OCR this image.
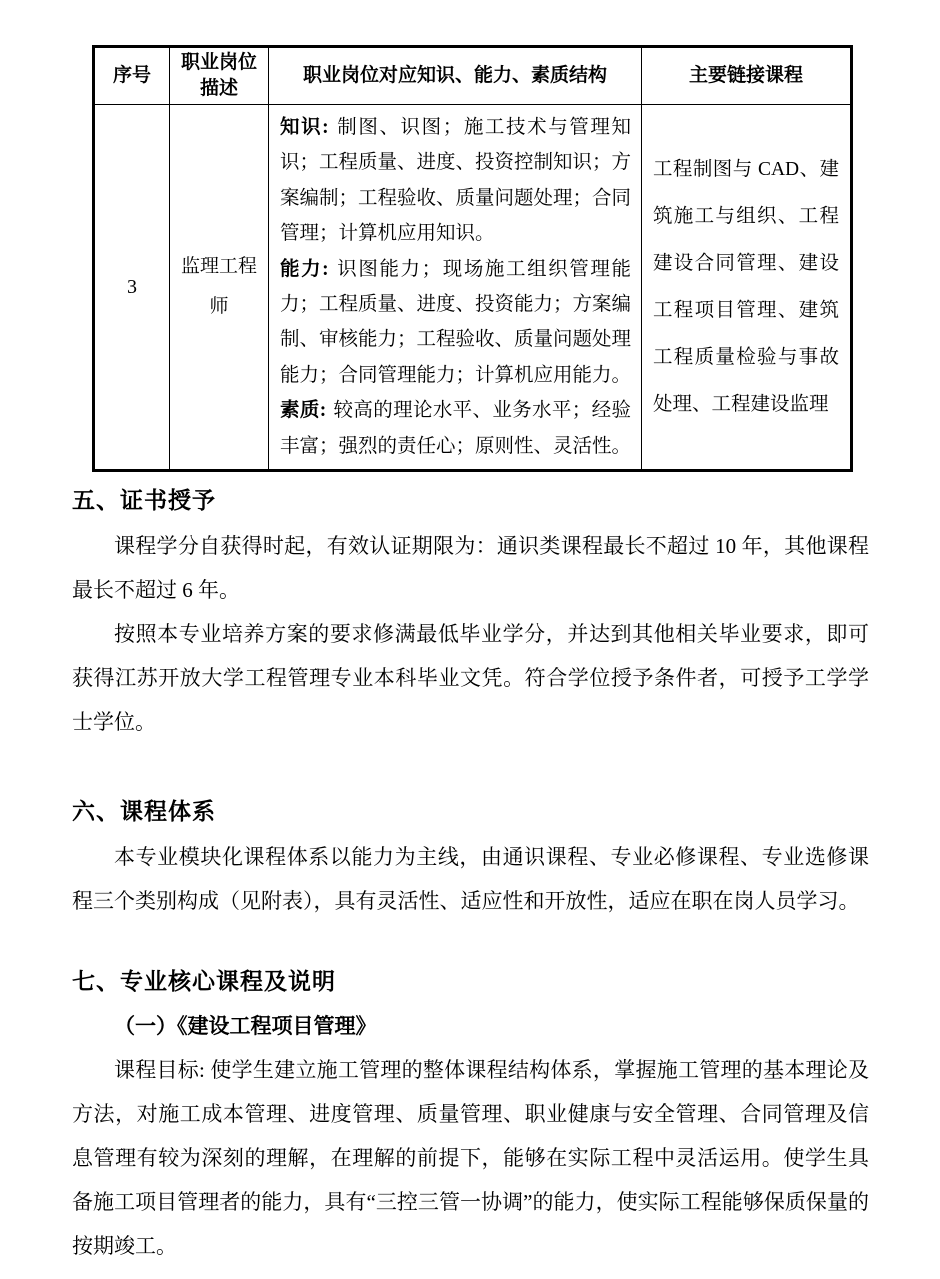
序号	职业岗位描述	职业岗位对应知识、能力、素质结构	主要链接课程
3	监理工程师	知识: 制图、识图；施工技术与管理知识；工程质量、进度、投资控制知识；方案编制；工程验收、质量问题处理；合同管理；计算机应用知识。

能力: 识图能力；现场施工组织管理能力；工程质量、进度、投资能力；方案编制、审核能力；工程验收、质量问题处理能力；合同管理能力；计算机应用能力。

素质: 较高的理论水平、业务水平；经验丰富；强烈的责任心；原则性、灵活性。	工程制图与 CAD、建筑施工与组织、工程建设合同管理、建设工程项目管理、建筑工程质量检验与事故处理、工程建设监理

五、证书授予

课程学分自获得时起，有效认证期限为：通识类课程最长不超过 10 年，其他课程最长不超过 6 年。

按照本专业培养方案的要求修满最低毕业学分，并达到其他相关毕业要求，即可获得江苏开放大学工程管理专业本科毕业文凭。符合学位授予条件者，可授予工学学士学位。

六、课程体系

本专业模块化课程体系以能力为主线，由通识课程、专业必修课程、专业选修课程三个类别构成（见附表），具有灵活性、适应性和开放性，适应在职在岗人员学习。

七、专业核心课程及说明
（一）《建设工程项目管理》

课程目标: 使学生建立施工管理的整体课程结构体系，掌握施工管理的基本理论及方法，对施工成本管理、进度管理、质量管理、职业健康与安全管理、合同管理及信息管理有较为深刻的理解，在理解的前提下，能够在实际工程中灵活运用。使学生具备施工项目管理者的能力，具有“三控三管一协调”的能力，使实际工程能够保质保量的按期竣工。
